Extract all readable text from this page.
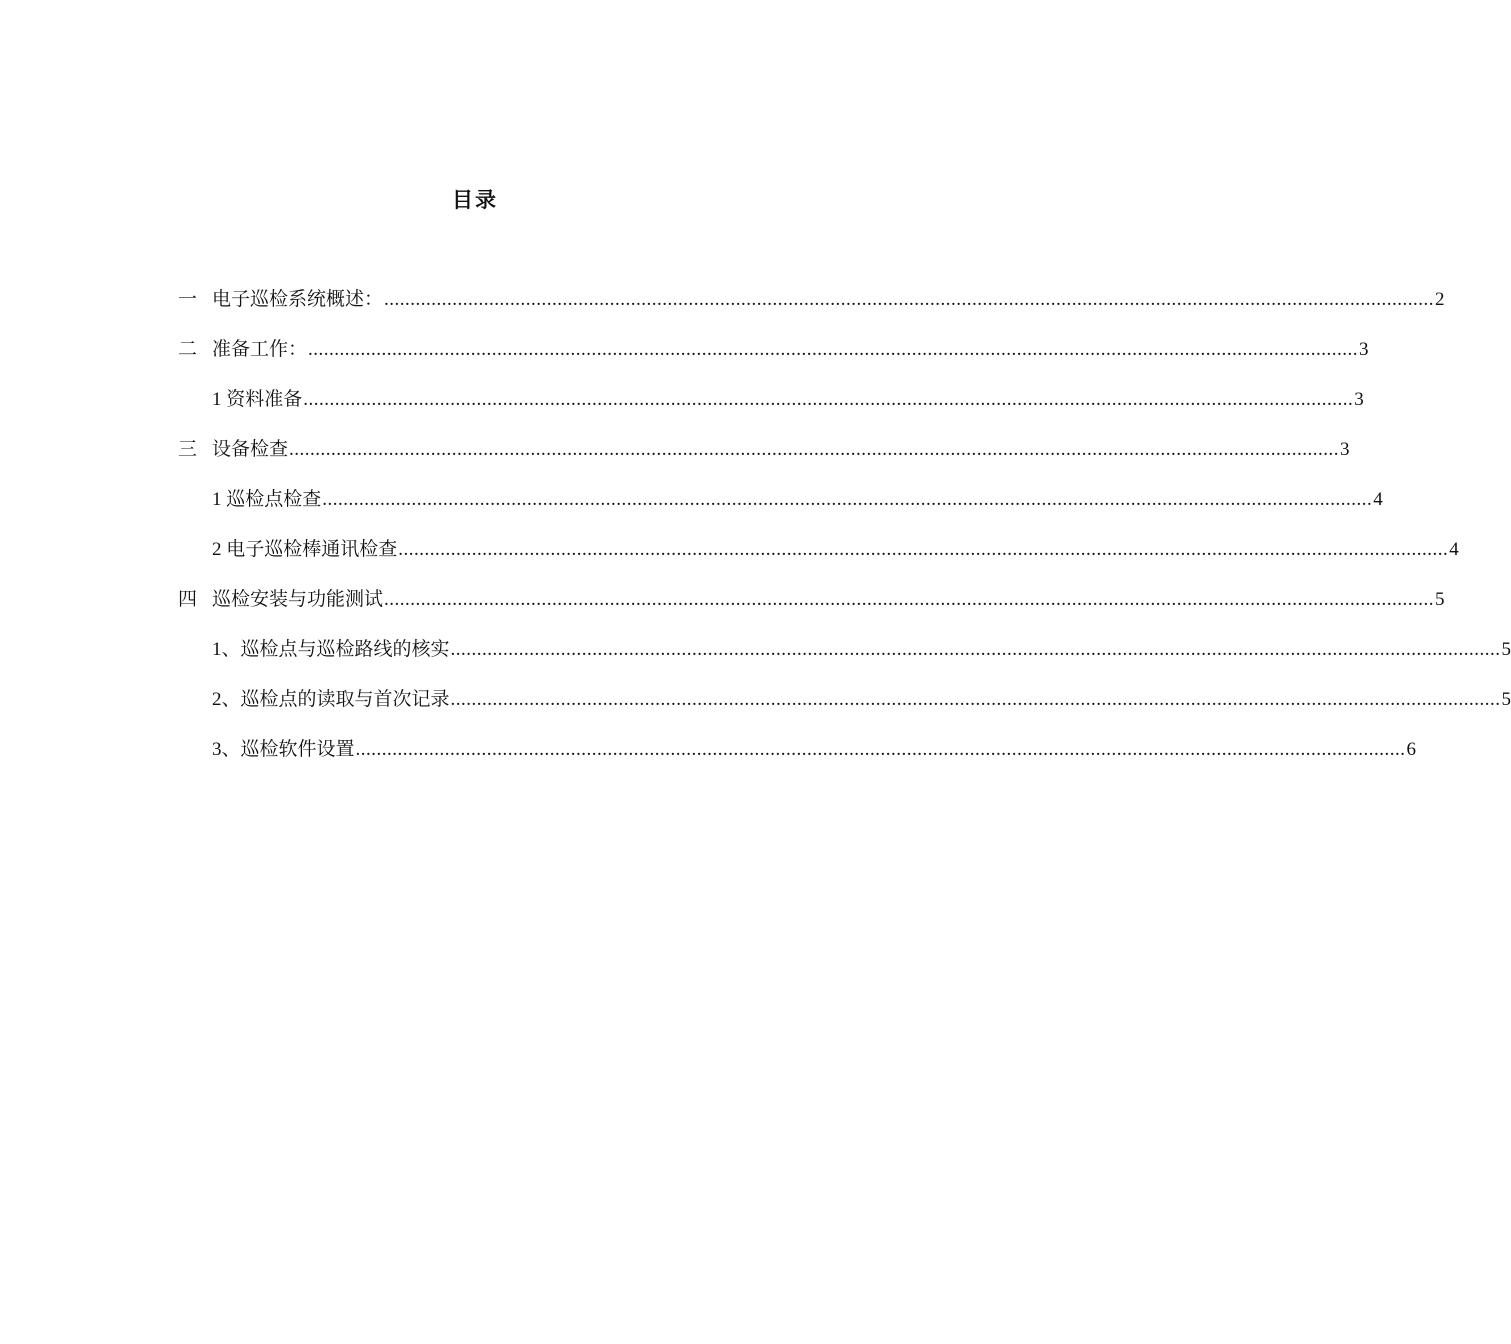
目录
一 电子巡检系统概述： ........................................................................................................................................................................................................ 2
二 准备工作： ........................................................................................................................................................................................................ 3
1 资料准备 ........................................................................................................................................................................................................ 3
三 设备检查 ........................................................................................................................................................................................................ 3
1 巡检点检查 ........................................................................................................................................................................................................ 4
2 电子巡检棒通讯检查 ........................................................................................................................................................................................................ 4
四 巡检安装与功能测试 ........................................................................................................................................................................................................ 5
1、巡检点与巡检路线的核实 ........................................................................................................................................................................................................ 5
2、巡检点的读取与首次记录 ........................................................................................................................................................................................................ 5
3、巡检软件设置 ........................................................................................................................................................................................................ 6
